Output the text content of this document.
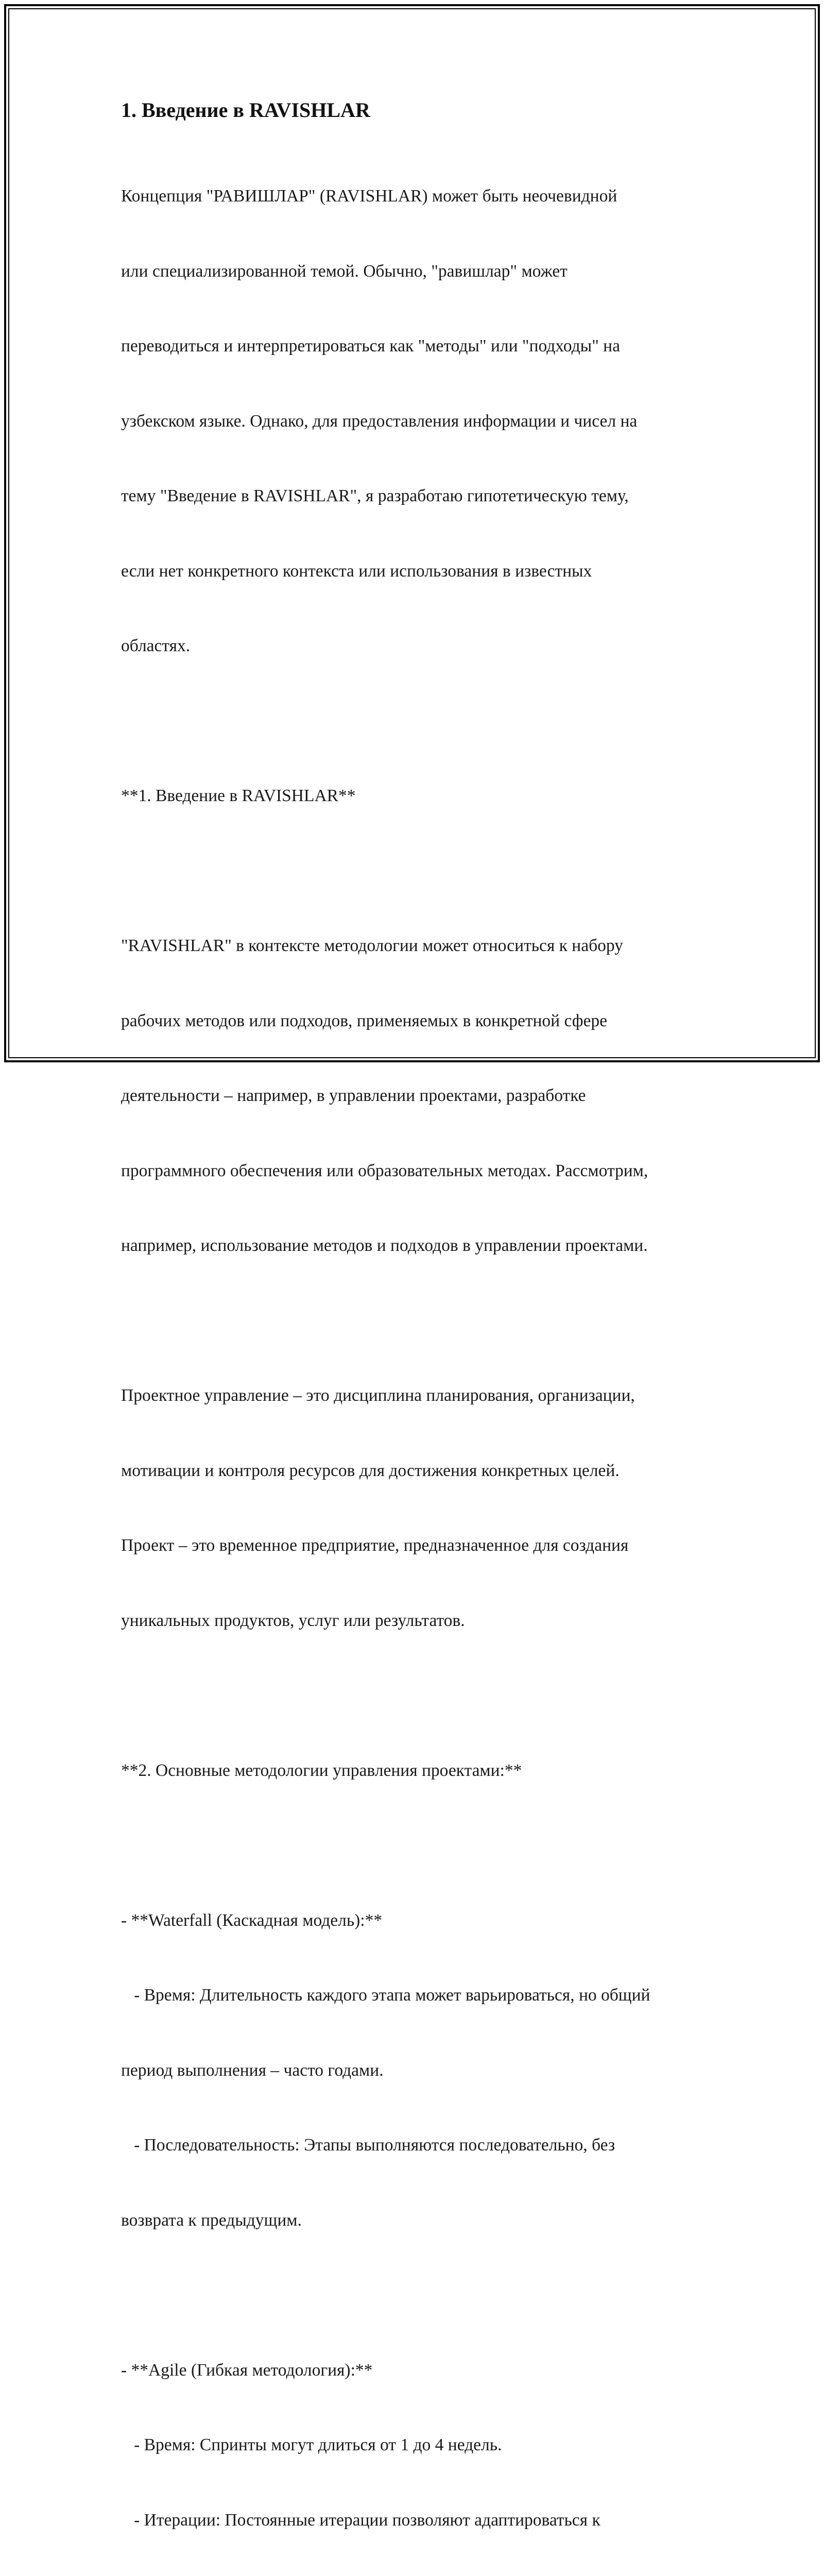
1. Введение в RAVISHLAR

Концепция "РАВИШЛАР" (RAVISHLAR) может быть неочевидной

или специализированной темой. Обычно, "равишлар" может

переводиться и интерпретироваться как "методы" или "подходы" на

узбекском языке. Однако, для предоставления информации и чисел на

тему "Введение в RAVISHLAR", я разработаю гипотетическую тему,

если нет конкретного контекста или использования в известных

областях.

**1. Введение в RAVISHLAR**

"RAVISHLAR" в контексте методологии может относиться к набору

рабочих методов или подходов, применяемых в конкретной сфере

деятельности – например, в управлении проектами, разработке

программного обеспечения или образовательных методах. Рассмотрим,

например, использование методов и подходов в управлении проектами.

Проектное управление – это дисциплина планирования, организации,

мотивации и контроля ресурсов для достижения конкретных целей.

Проект – это временное предприятие, предназначенное для создания

уникальных продуктов, услуг или результатов.

**2. Основные методологии управления проектами:**

- **Waterfall (Каскадная модель):**

- Время: Длительность каждого этапа может варьироваться, но общий

период выполнения – часто годами.

- Последовательность: Этапы выполняются последовательно, без

возврата к предыдущим.

- **Agile (Гибкая методология):**

- Время: Спринты могут длиться от 1 до 4 недель.

- Итерации: Постоянные итерации позволяют адаптироваться к
